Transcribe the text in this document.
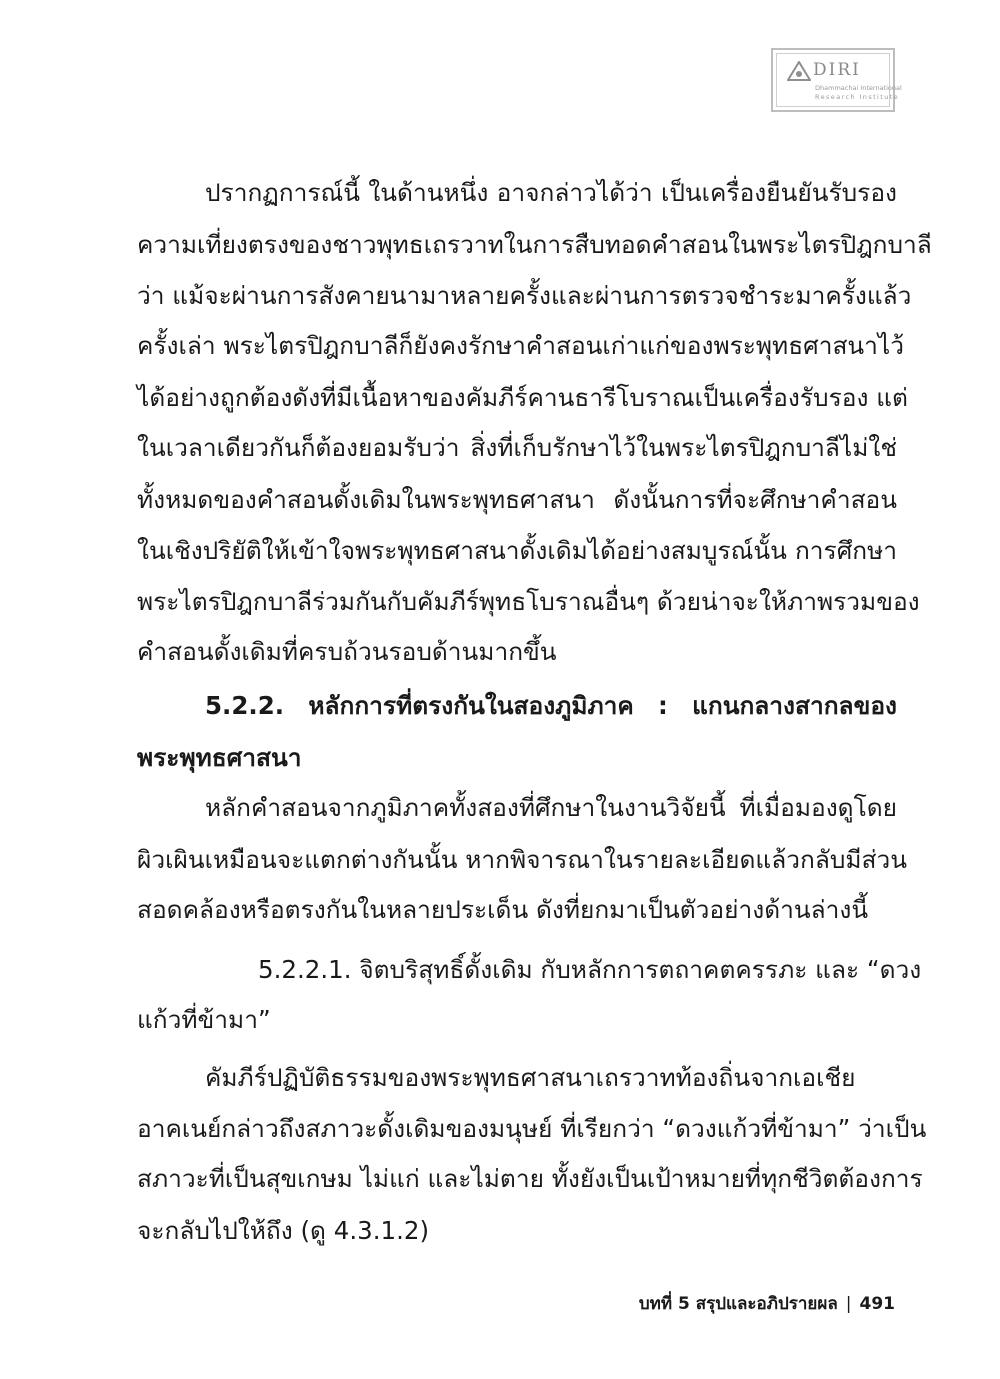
DIRI
Dhammachai International
Research Institute
ปรากฏการณ์นี้ ในด้านหนึ่ง อาจกล่าวได้ว่า เป็นเครื่องยืนยันรับรอง
ความเที่ยงตรงของชาวพุทธเถรวาทในการสืบทอดคำสอนในพระไตรปิฎกบาลี
ว่า แม้จะผ่านการสังคายนามาหลายครั้งและผ่านการตรวจชำระมาครั้งแล้ว
ครั้งเล่า พระไตรปิฎกบาลีก็ยังคงรักษาคำสอนเก่าแก่ของพระพุทธศาสนาไว้
ได้อย่างถูกต้องดังที่มีเนื้อหาของคัมภีร์คานธารีโบราณเป็นเครื่องรับรอง แต่
ในเวลาเดียวกันก็ต้องยอมรับว่า สิ่งที่เก็บรักษาไว้ในพระไตรปิฎกบาลีไม่ใช่
ทั้งหมดของคำสอนดั้งเดิมในพระพุทธศาสนา ดังนั้นการที่จะศึกษาคำสอน
ในเชิงปริยัติให้เข้าใจพระพุทธศาสนาดั้งเดิมได้อย่างสมบูรณ์นั้น การศึกษา
พระไตรปิฎกบาลีร่วมกันกับคัมภีร์พุทธโบราณอื่นๆ ด้วยน่าจะให้ภาพรวมของ
คำสอนดั้งเดิมที่ครบถ้วนรอบด้านมากขึ้น
5.2.2. หลักการที่ตรงกันในสองภูมิภาค : แกนกลางสากลของ
พระพุทธศาสนา
หลักคำสอนจากภูมิภาคทั้งสองที่ศึกษาในงานวิจัยนี้ ที่เมื่อมองดูโดย
ผิวเผินเหมือนจะแตกต่างกันนั้น หากพิจารณาในรายละเอียดแล้วกลับมีส่วน
สอดคล้องหรือตรงกันในหลายประเด็น ดังที่ยกมาเป็นตัวอย่างด้านล่างนี้
5.2.2.1. จิตบริสุทธิ์ดั้งเดิม กับหลักการตถาคตครรภะ และ “ดวง
แก้วที่ข้ามา”
คัมภีร์ปฏิบัติธรรมของพระพุทธศาสนาเถรวาทท้องถิ่นจากเอเชีย
อาคเนย์กล่าวถึงสภาวะดั้งเดิมของมนุษย์ ที่เรียกว่า “ดวงแก้วที่ข้ามา” ว่าเป็น
สภาวะที่เป็นสุขเกษม ไม่แก่ และไม่ตาย ทั้งยังเป็นเป้าหมายที่ทุกชีวิตต้องการ
จะกลับไปให้ถึง (ดู 4.3.1.2)
บทที่ 5 สรุปและอภิปรายผล | 491
